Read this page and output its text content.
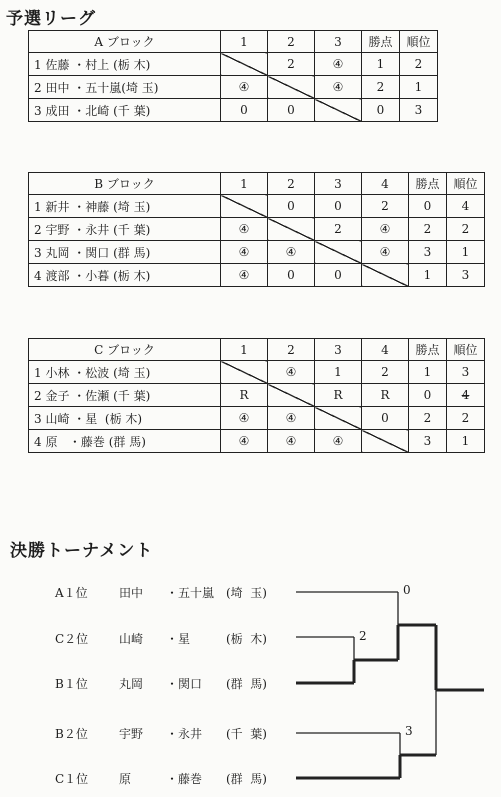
予選リーグ
A ブロック	1	2	3	勝点	順位
1 佐藤 ・村上 (栃 木)		2	④	1	2
2 田中 ・五十嵐(埼 玉)	④		④	2	1
3 成田 ・北崎 (千 葉)	0	0		0	3
B ブロック	1	2	3	4	勝点	順位
1 新井 ・神藤 (埼 玉)		0	0	2	0	4
2 宇野 ・永井 (千 葉)	④		2	④	2	2
3 丸岡 ・関口 (群 馬)	④	④		④	3	1
4 渡部 ・小暮 (栃 木)	④	0	0		1	3
C ブロック	1	2	3	4	勝点	順位
1 小林 ・松波 (埼 玉)		④	1	2	1	3
2 金子 ・佐瀬 (千 葉)	R		R	R	0	4
3 山崎 ・星  (栃 木)	④	④		0	2	2
4 原   ・藤巻 (群 馬)	④	④	④		3	1
決勝トーナメント
A１位	田中 ・五十嵐 (埼  玉)
C２位	山崎 ・星	(栃  木)
B１位	丸岡 ・関口 (群  馬)
B２位	宇野 ・永井 (千  葉)
C１位	原	・藤巻 (群  馬)
0
2
3
